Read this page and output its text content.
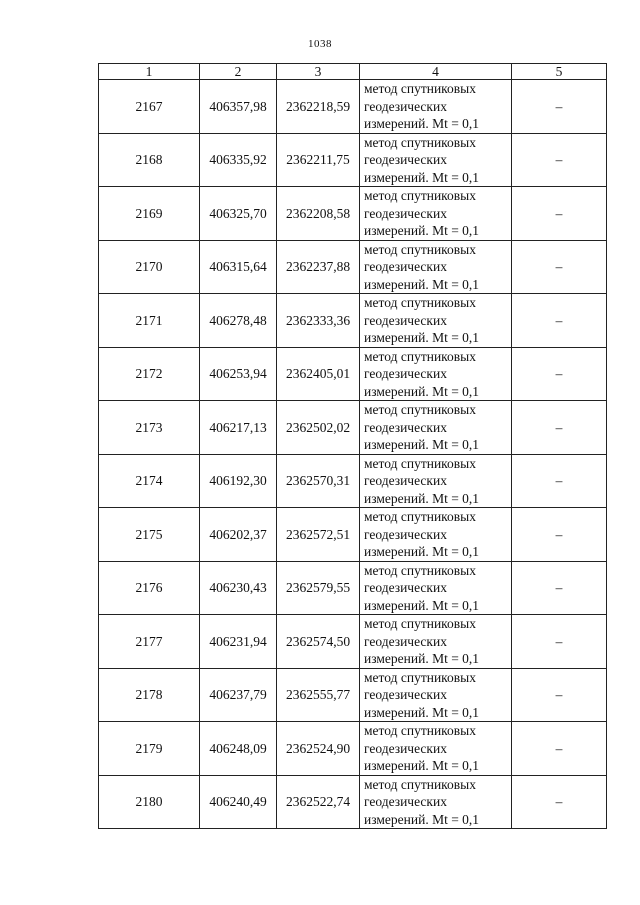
1038
1	2	3	4	5
2167	406357,98	2362218,59	метод спутниковых
геодезических
измерений. Mt = 0,1	–
2168	406335,92	2362211,75	метод спутниковых
геодезических
измерений. Mt = 0,1	–
2169	406325,70	2362208,58	метод спутниковых
геодезических
измерений. Mt = 0,1	–
2170	406315,64	2362237,88	метод спутниковых
геодезических
измерений. Mt = 0,1	–
2171	406278,48	2362333,36	метод спутниковых
геодезических
измерений. Mt = 0,1	–
2172	406253,94	2362405,01	метод спутниковых
геодезических
измерений. Mt = 0,1	–
2173	406217,13	2362502,02	метод спутниковых
геодезических
измерений. Mt = 0,1	–
2174	406192,30	2362570,31	метод спутниковых
геодезических
измерений. Mt = 0,1	–
2175	406202,37	2362572,51	метод спутниковых
геодезических
измерений. Mt = 0,1	–
2176	406230,43	2362579,55	метод спутниковых
геодезических
измерений. Mt = 0,1	–
2177	406231,94	2362574,50	метод спутниковых
геодезических
измерений. Mt = 0,1	–
2178	406237,79	2362555,77	метод спутниковых
геодезических
измерений. Mt = 0,1	–
2179	406248,09	2362524,90	метод спутниковых
геодезических
измерений. Mt = 0,1	–
2180	406240,49	2362522,74	метод спутниковых
геодезических
измерений. Mt = 0,1	–
